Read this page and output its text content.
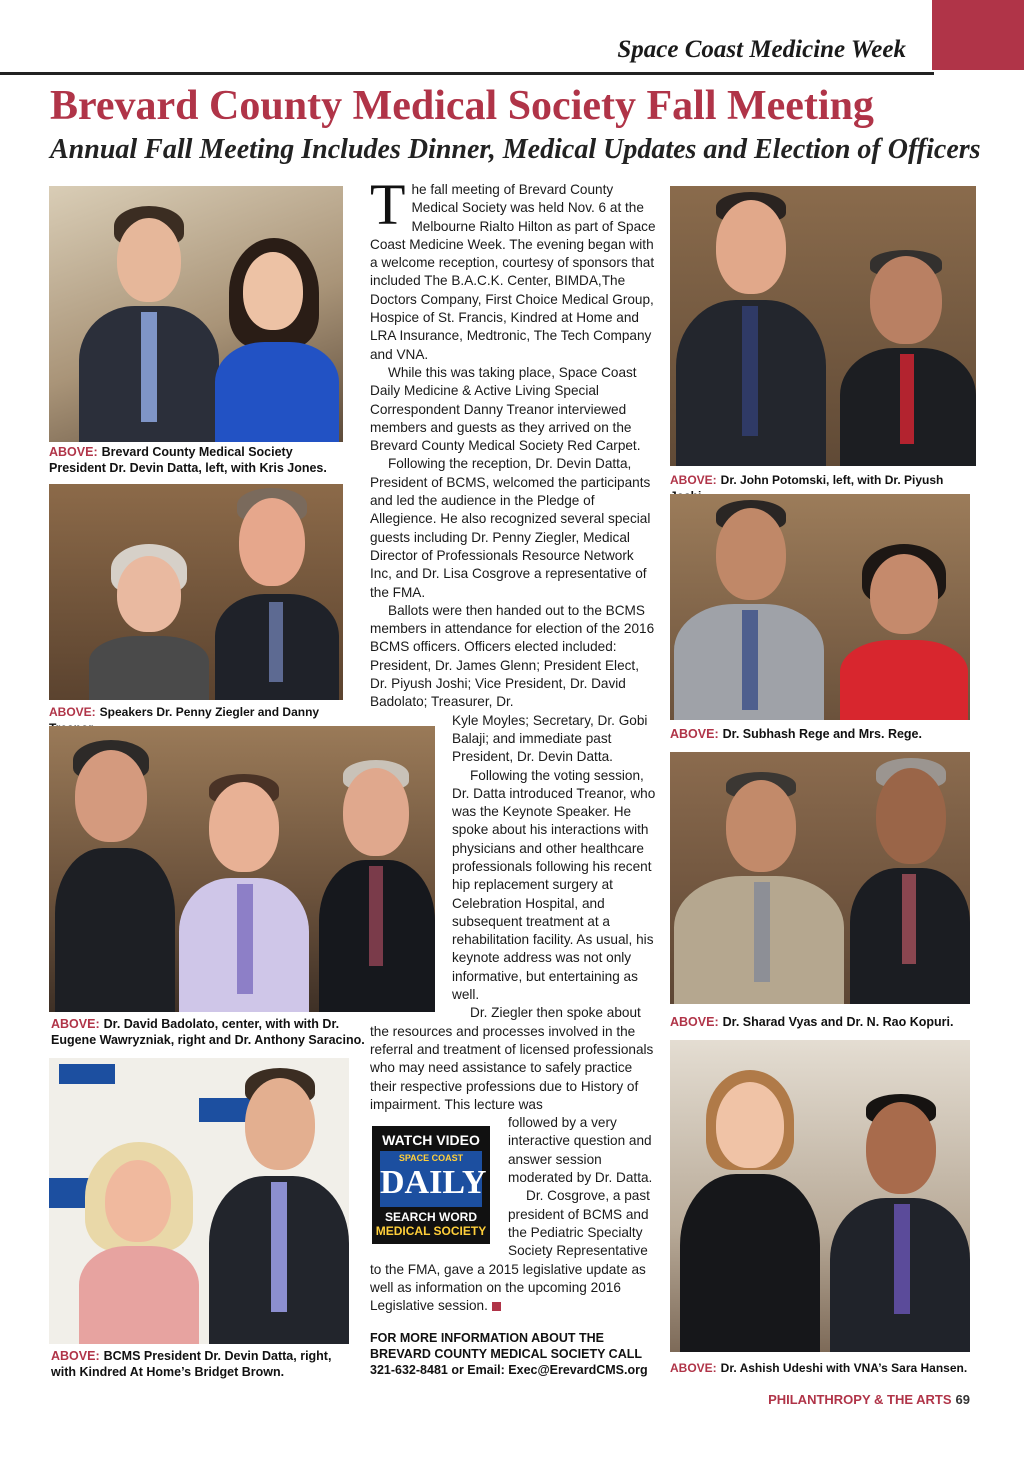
Space Coast Medicine Week
Brevard County Medical Society Fall Meeting
Annual Fall Meeting Includes Dinner, Medical Updates and Election of Officers
ABOVE: Brevard County Medical Society President Dr. Devin Datta, left, with Kris Jones.
ABOVE: Speakers Dr. Penny Ziegler and Danny
ABOVE: Dr. David Badolato, center, with with Dr. Eugene Wawryzniak, right and Dr. Anthony Saracino.
ABOVE: BCMS President Dr. Devin Datta, right, with Kindred At Home’s Bridget Brown.
ABOVE: Dr. John Potomski, left, with Dr. Piyush
ABOVE: Dr. Subhash Rege and Mrs. Rege.
ABOVE: Dr. Sharad Vyas and Dr. N. Rao Kopuri.
ABOVE: Dr. Ashish Udeshi with VNA’s Sara Hansen.
T he fall meeting of Brevard County Medical Society was held Nov. 6 at the Melbourne Rialto Hilton as part of Space Coast Medicine Week. The evening began with a welcome reception, courtesy of sponsors that included The B.A.C.K. Center, BIMDA,The Doctors Company, First Choice Medical Group, Hospice of St. Francis, Kindred at Home and LRA Insurance, Medtronic, The Tech Company and VNA.

While this was taking place, Space Coast Daily Medicine & Active Living Special Correspondent Danny Treanor interviewed members and guests as they arrived on the Brevard County Medical Society Red Carpet.

Following the reception, Dr. Devin Datta, President of BCMS, welcomed the participants and led the audience in the Pledge of Allegience. He also recognized several special guests including Dr. Penny Ziegler, Medical Director of Professionals Resource Network Inc, and Dr. Lisa Cosgrove a representative of the FMA.

Ballots were then handed out to the BCMS members in attendance for election of the 2016 BCMS officers. Officers elected included: President, Dr. James Glenn; President Elect, Dr. Piyush Joshi; Vice President, Dr. David Badolato; Treasurer, Dr.

Kyle Moyles; Secretary, Dr. Gobi Balaji; and immediate past President, Dr. Devin Datta.

Following the voting session, Dr. Datta introduced Treanor, who was the Keynote Speaker. He spoke about his interactions with physicians and other healthcare professionals following his recent hip replacement surgery at Celebration Hospital, and subsequent treatment at a rehabilitation facility. As usual, his keynote address was not only informative, but entertaining as well.

Dr. Ziegler then spoke about

the resources and processes involved in the referral and treatment of licensed professionals who may need assistance to safely practice their respective professions due to History of impairment. This lecture was

followed by a very interactive question and answer session moderated by Dr. Datta.

Dr. Cosgrove, a past president of BCMS and the Pediatric Specialty Society Representative

to the FMA, gave a 2015 legislative update as well as information on the upcoming 2016 Legislative session.

WATCH VIDEO
SPACE COAST
DAILY
SEARCH WORD
MEDICAL SOCIETY
FOR MORE INFORMATION ABOUT THE BREVARD COUNTY MEDICAL SOCIETY CALL 321-632-8481 or Email: Exec@ErevardCMS.org
PHILANTHROPY & THE ARTS 69
